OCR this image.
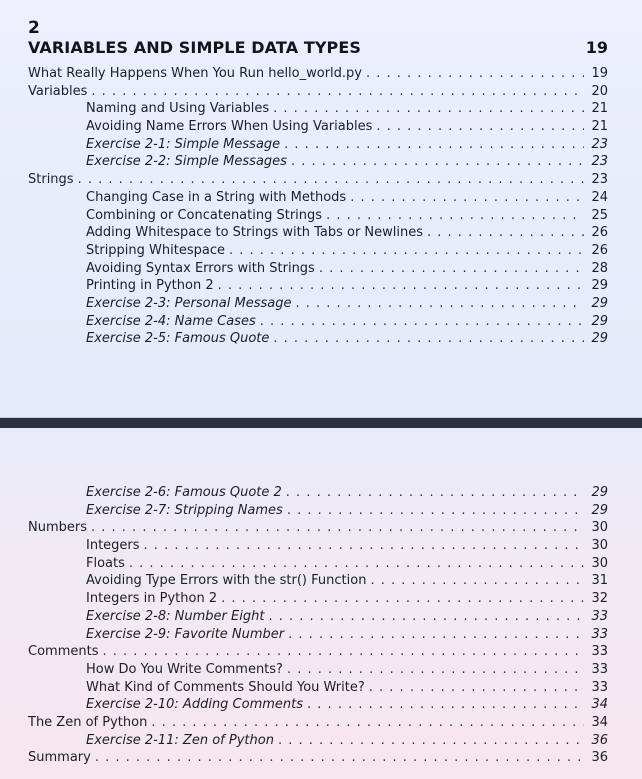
2
VARIABLES AND SIMPLE DATA TYPES	19
What Really Happens When You Run hello_world.py . . .	19
Variables . . .	20
Naming and Using Variables . . .	21
Avoiding Name Errors When Using Variables . . .	21
Exercise 2-1: Simple Message . . .	23
Exercise 2-2: Simple Messages . . .	23
Strings . . .	23
Changing Case in a String with Methods . . .	24
Combining or Concatenating Strings . . .	25
Adding Whitespace to Strings with Tabs or Newlines . . .	26
Stripping Whitespace . . .	26
Avoiding Syntax Errors with Strings . . .	28
Printing in Python 2 . . .	29
Exercise 2-3: Personal Message . . .	29
Exercise 2-4: Name Cases . . .	29
Exercise 2-5: Famous Quote . . .	29
Exercise 2-6: Famous Quote 2 . . .	29
Exercise 2-7: Stripping Names . . .	29
Numbers . . .	30
Integers . . .	30
Floats . . .	30
Avoiding Type Errors with the str() Function . . .	31
Integers in Python 2 . . .	32
Exercise 2-8: Number Eight . . .	33
Exercise 2-9: Favorite Number . . .	33
Comments . . .	33
How Do You Write Comments? . . .	33
What Kind of Comments Should You Write? . . .	33
Exercise 2-10: Adding Comments . . .	34
The Zen of Python . . .	34
Exercise 2-11: Zen of Python . . .	36
Summary . . .	36
